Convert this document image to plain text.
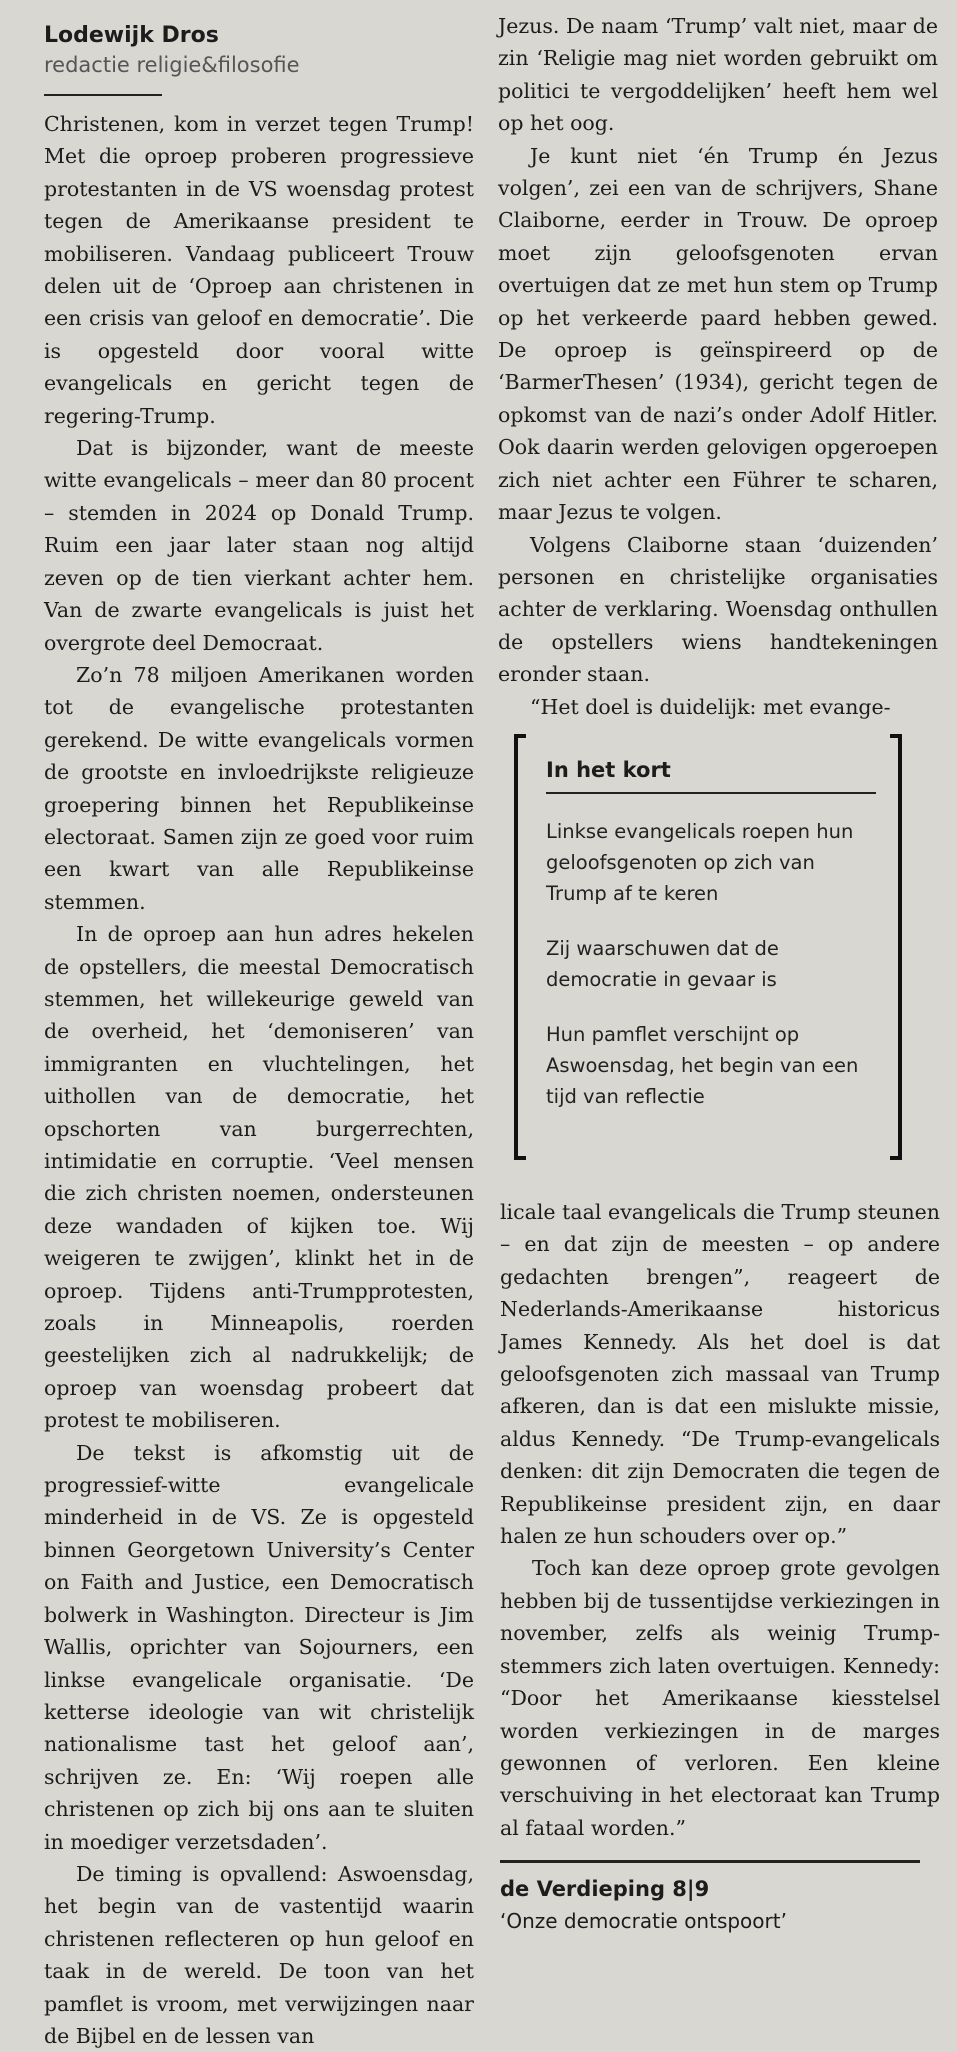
Lodewijk Dros

redactie religie&filosofie

Christenen, kom in verzet tegen Trump! Met die oproep proberen progressieve protestanten in de VS woensdag protest tegen de Amerikaanse president te mobiliseren. Vandaag publiceert Trouw delen uit de ‘Oproep aan christenen in een crisis van geloof en democratie’. Die is opgesteld door vooral witte evangelicals en gericht tegen de regering-Trump.

Dat is bijzonder, want de meeste witte evangelicals – meer dan 80 procent – stemden in 2024 op Donald Trump. Ruim een jaar later staan nog altijd zeven op de tien vierkant achter hem. Van de zwarte evangelicals is juist het overgrote deel Democraat.

Zo’n 78 miljoen Amerikanen worden tot de evangelische protestanten gerekend. De witte evangelicals vormen de grootste en invloedrijkste religieuze groepering binnen het Republikeinse electoraat. Samen zijn ze goed voor ruim een kwart van alle Republikeinse stemmen.

In de oproep aan hun adres hekelen de opstellers, die meestal Democratisch stemmen, het willekeurige geweld van de overheid, het ‘demoniseren’ van immigranten en vluchtelingen, het uithollen van de democratie, het opschorten van burgerrechten, intimidatie en corruptie. ‘Veel mensen die zich christen noemen, ondersteunen deze wandaden of kijken toe. Wij weigeren te zwijgen’, klinkt het in de oproep. Tijdens anti-Trumpprotesten, zoals in Minneapolis, roerden geestelijken zich al nadrukkelijk; de oproep van woensdag probeert dat protest te mobiliseren.

De tekst is afkomstig uit de progressief-witte evangelicale minderheid in de VS. Ze is opgesteld binnen Georgetown University’s Center on Faith and Justice, een Democratisch bolwerk in Washington. Directeur is Jim Wallis, oprichter van Sojourners, een linkse evangelicale organisatie. ‘De ketterse ideologie van wit christelijk nationalisme tast het geloof aan’, schrijven ze. En: ‘Wij roepen alle christenen op zich bij ons aan te sluiten in moediger verzetsdaden’.

De timing is opvallend: Aswoensdag, het begin van de vastentijd waarin christenen reflecteren op hun geloof en taak in de wereld. De toon van het pamflet is vroom, met verwijzingen naar de Bijbel en de lessen van

Jezus. De naam ‘Trump’ valt niet, maar de zin ‘Religie mag niet worden gebruikt om politici te vergoddelijken’ heeft hem wel op het oog.

Je kunt niet ‘én Trump én Jezus volgen’, zei een van de schrijvers, Shane Claiborne, eerder in Trouw. De oproep moet zijn geloofsgenoten ervan overtuigen dat ze met hun stem op Trump op het verkeerde paard hebben gewed. De oproep is geïnspireerd op de ‘BarmerThesen’ (1934), gericht tegen de opkomst van de nazi’s onder Adolf Hitler. Ook daarin werden gelovigen opgeroepen zich niet achter een Führer te scharen, maar Jezus te volgen.

Volgens Claiborne staan ‘duizenden’ personen en christelijke organisaties achter de verklaring. Woensdag onthullen de opstellers wiens handtekeningen eronder staan.

“Het doel is duidelijk: met evange-

In het kort

Linkse evangelicals roepen hun geloofsgenoten op zich van Trump af te keren

Zij waarschuwen dat de democratie in gevaar is

Hun pamflet verschijnt op Aswoensdag, het begin van een tijd van reflectie

licale taal evangelicals die Trump steunen – en dat zijn de meesten – op andere gedachten brengen”, reageert de Nederlands-Amerikaanse historicus James Kennedy. Als het doel is dat geloofsgenoten zich massaal van Trump afkeren, dan is dat een mislukte missie, aldus Kennedy. “De Trump-evangelicals denken: dit zijn Democraten die tegen de Republikeinse president zijn, en daar halen ze hun schouders over op.”

Toch kan deze oproep grote gevolgen hebben bij de tussentijdse verkiezingen in november, zelfs als weinig Trump-stemmers zich laten overtuigen. Kennedy: “Door het Amerikaanse kiesstelsel worden verkiezingen in de marges gewonnen of verloren. Een kleine verschuiving in het electoraat kan Trump al fataal worden.”

de Verdieping 8|9

‘Onze democratie ontspoort’
